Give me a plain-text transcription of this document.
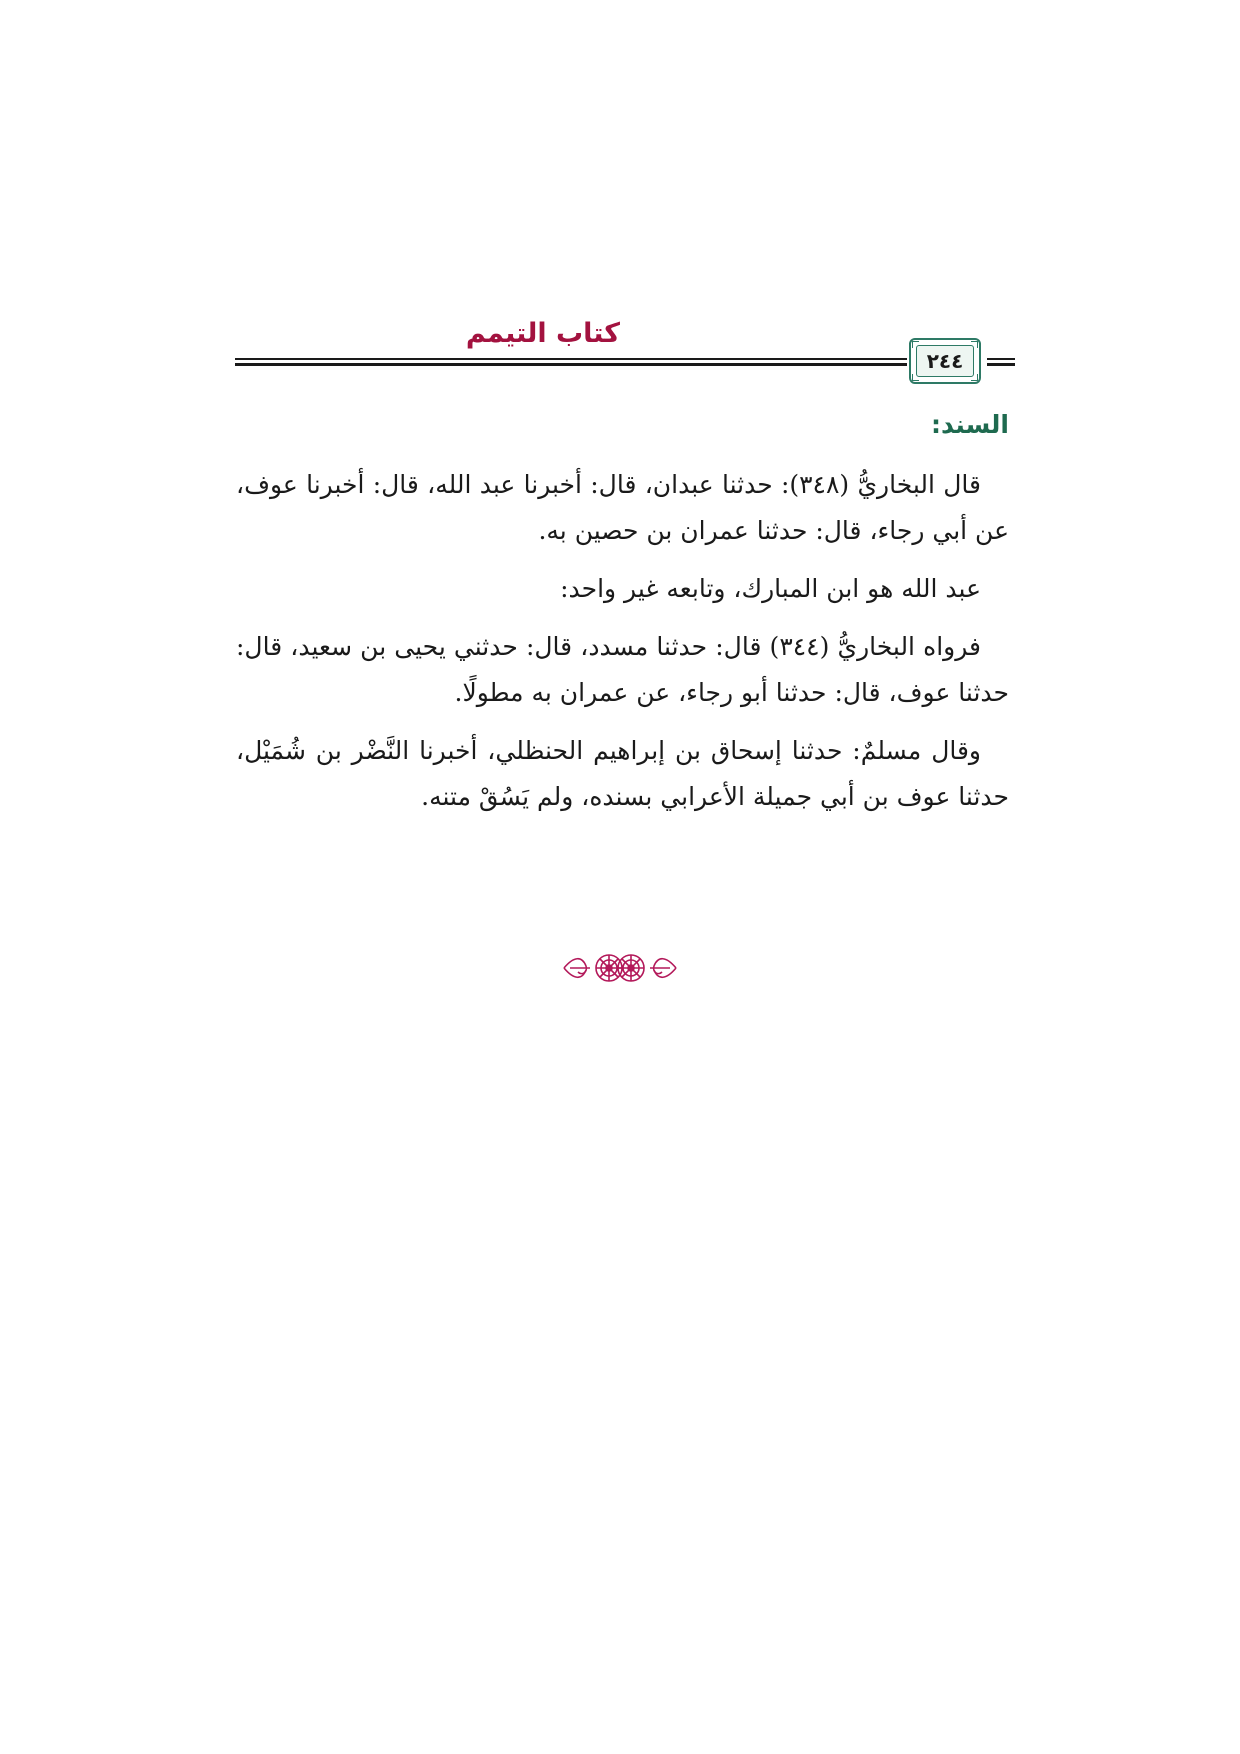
كتاب التيمم
٢٤٤
السند:

قال البخاريُّ (٣٤٨): حدثنا عبدان، قال: أخبرنا عبد الله، قال: أخبرنا عوف، عن أبي رجاء، قال: حدثنا عمران بن حصين به.

عبد الله هو ابن المبارك، وتابعه غير واحد:

فرواه البخاريُّ (٣٤٤) قال: حدثنا مسدد، قال: حدثني يحيى بن سعيد، قال: حدثنا عوف، قال: حدثنا أبو رجاء، عن عمران به مطولًا.

وقال مسلمٌ: حدثنا إسحاق بن إبراهيم الحنظلي، أخبرنا النَّضْر بن شُمَيْل، حدثنا عوف بن أبي جميلة الأعرابي بسنده، ولم يَسُقْ متنه.
